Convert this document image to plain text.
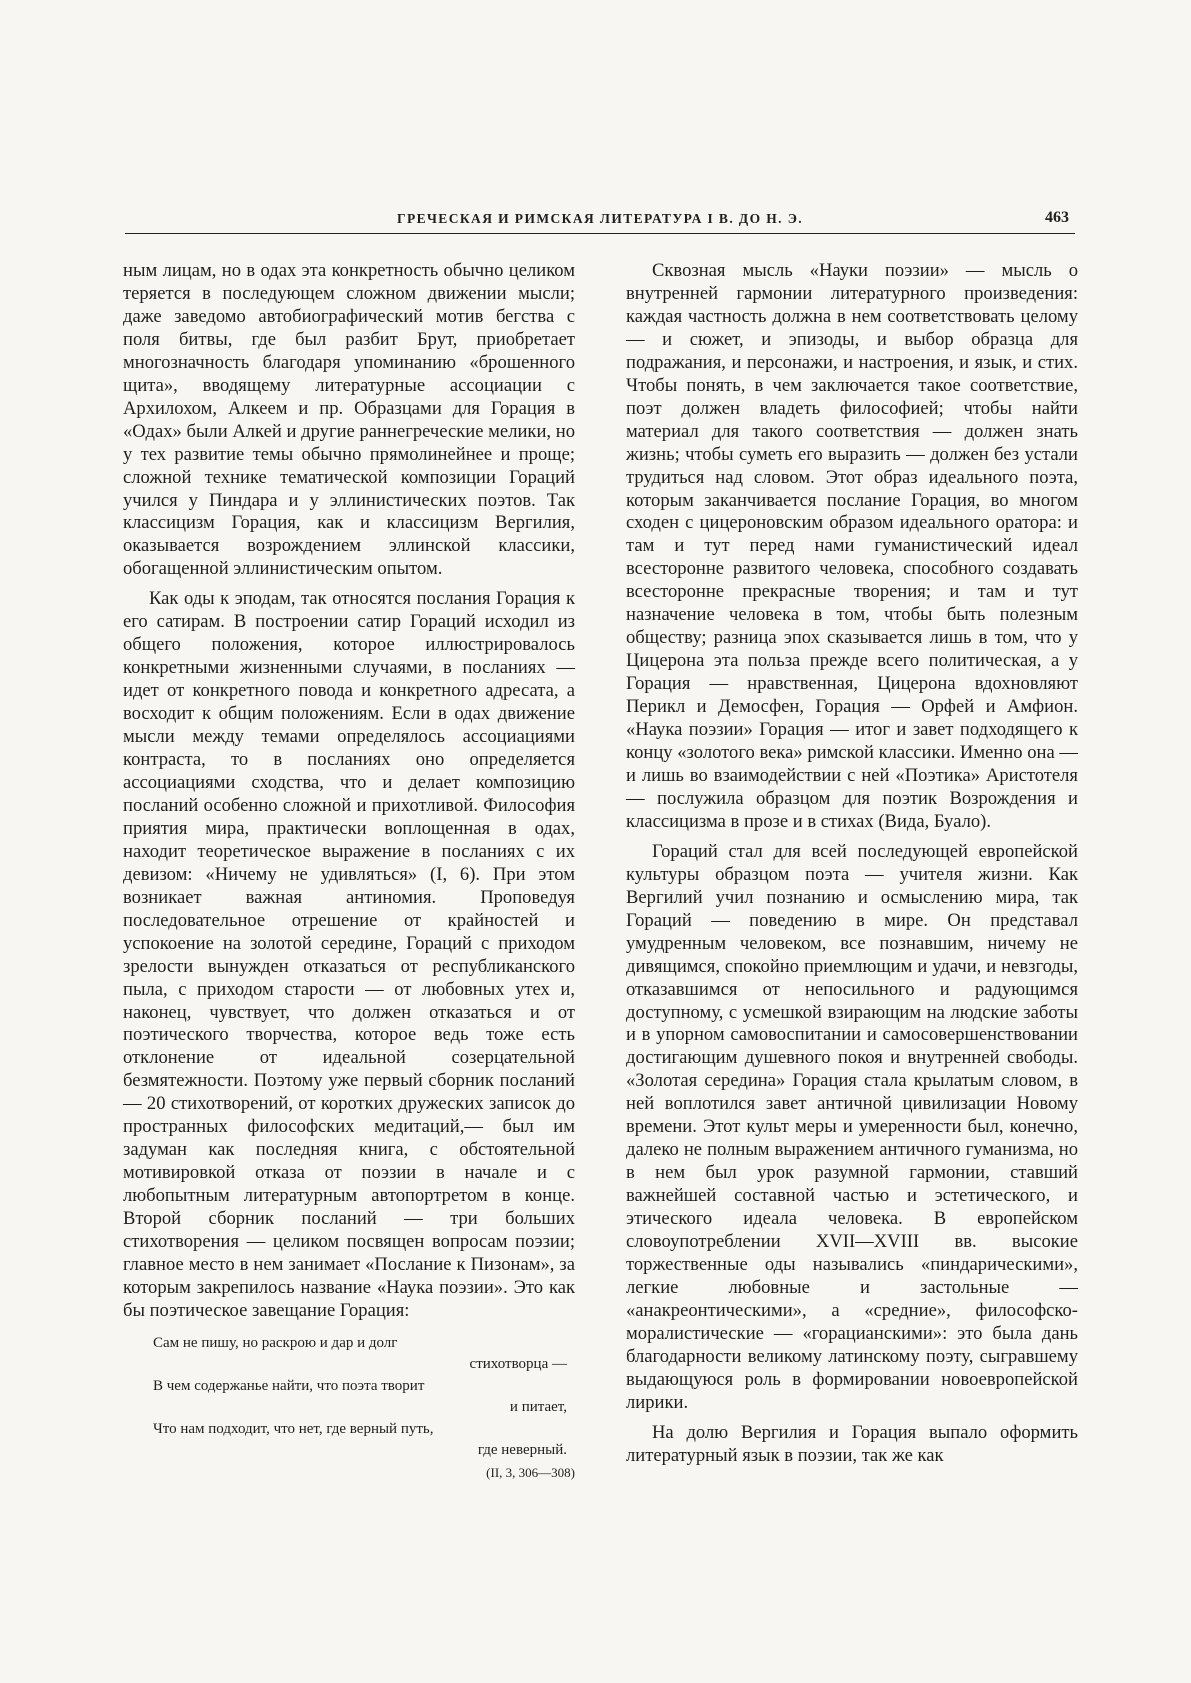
ГРЕЧЕСКАЯ И РИМСКАЯ ЛИТЕРАТУРА I В. ДО Н. Э.	463

ным лицам, но в одах эта конкретность обычно целиком теряется в последующем сложном движении мысли; даже заведомо автобиографический мотив бегства с поля битвы, где был разбит Брут, приобретает многозначность благодаря упоминанию «брошенного щита», вводящему литературные ассоциации с Архилохом, Алкеем и пр. Образцами для Горация в «Одах» были Алкей и другие раннегреческие мелики, но у тех развитие темы обычно прямолинейнее и проще; сложной технике тематической композиции Гораций учился у Пиндара и у эллинистических поэтов. Так классицизм Горация, как и классицизм Вергилия, оказывается возрождением эллинской классики, обогащенной эллинистическим опытом.

Как оды к эподам, так относятся послания Горация к его сатирам. В построении сатир Гораций исходил из общего положения, которое иллюстрировалось конкретными жизненными случаями, в посланиях — идет от конкретного повода и конкретного адресата, а восходит к общим положениям. Если в одах движение мысли между темами определялось ассоциациями контраста, то в посланиях оно определяется ассоциациями сходства, что и делает композицию посланий особенно сложной и прихотливой. Философия приятия мира, практически воплощенная в одах, находит теоретическое выражение в посланиях с их девизом: «Ничему не удивляться» (I, 6). При этом возникает важная антиномия. Проповедуя последовательное отрешение от крайностей и успокоение на золотой середине, Гораций с приходом зрелости вынужден отказаться от республиканского пыла, с приходом старости — от любовных утех и, наконец, чувствует, что должен отказаться и от поэтического творчества, которое ведь тоже есть отклонение от идеальной созерцательной безмятежности. Поэтому уже первый сборник посланий — 20 стихотворений, от коротких дружеских записок до пространных философских медитаций,— был им задуман как последняя книга, с обстоятельной мотивировкой отказа от поэзии в начале и с любопытным литературным автопортретом в конце. Второй сборник посланий — три больших стихотворения — целиком посвящен вопросам поэзии; главное место в нем занимает «Послание к Пизонам», за которым закрепилось название «Наука поэзии». Это как бы поэтическое завещание Горация:

Сам не пишу, но раскрою и дар и долг
стихотворца —
В чем содержанье найти, что поэта творит
и питает,
Что нам подходит, что нет, где верный путь,
где неверный.
(II, 3, 306—308)

Сквозная мысль «Науки поэзии» — мысль о внутренней гармонии литературного произведения: каждая частность должна в нем соответствовать целому — и сюжет, и эпизоды, и выбор образца для подражания, и персонажи, и настроения, и язык, и стих. Чтобы понять, в чем заключается такое соответствие, поэт должен владеть философией; чтобы найти материал для такого соответствия — должен знать жизнь; чтобы суметь его выразить — должен без устали трудиться над словом. Этот образ идеального поэта, которым заканчивается послание Горация, во многом сходен с цицероновским образом идеального оратора: и там и тут перед нами гуманистический идеал всесторонне развитого человека, способного создавать всесторонне прекрасные творения; и там и тут назначение человека в том, чтобы быть полезным обществу; разница эпох сказывается лишь в том, что у Цицерона эта польза прежде всего политическая, а у Горация — нравственная, Цицерона вдохновляют Перикл и Демосфен, Горация — Орфей и Амфион. «Наука поэзии» Горация — итог и завет подходящего к концу «золотого века» римской классики. Именно она — и лишь во взаимодействии с ней «Поэтика» Аристотеля — послужила образцом для поэтик Возрождения и классицизма в прозе и в стихах (Вида, Буало).

Гораций стал для всей последующей европейской культуры образцом поэта — учителя жизни. Как Вергилий учил познанию и осмыслению мира, так Гораций — поведению в мире. Он представал умудренным человеком, все познавшим, ничему не дивящимся, спокойно приемлющим и удачи, и невзгоды, отказавшимся от непосильного и радующимся доступному, с усмешкой взирающим на людские заботы и в упорном самовоспитании и самосовершенствовании достигающим душевного покоя и внутренней свободы. «Золотая середина» Горация стала крылатым словом, в ней воплотился завет античной цивилизации Новому времени. Этот культ меры и умеренности был, конечно, далеко не полным выражением античного гуманизма, но в нем был урок разумной гармонии, ставший важнейшей составной частью и эстетического, и этического идеала человека. В европейском словоупотреблении XVII—XVIII вв. высокие торжественные оды назывались «пиндарическими», легкие любовные и застольные — «анакреонтическими», а «средние», философско-моралистические — «горацианскими»: это была дань благодарности великому латинскому поэту, сыгравшему выдающуюся роль в формировании новоевропейской лирики.

На долю Вергилия и Горация выпало оформить литературный язык в поэзии, так же как
